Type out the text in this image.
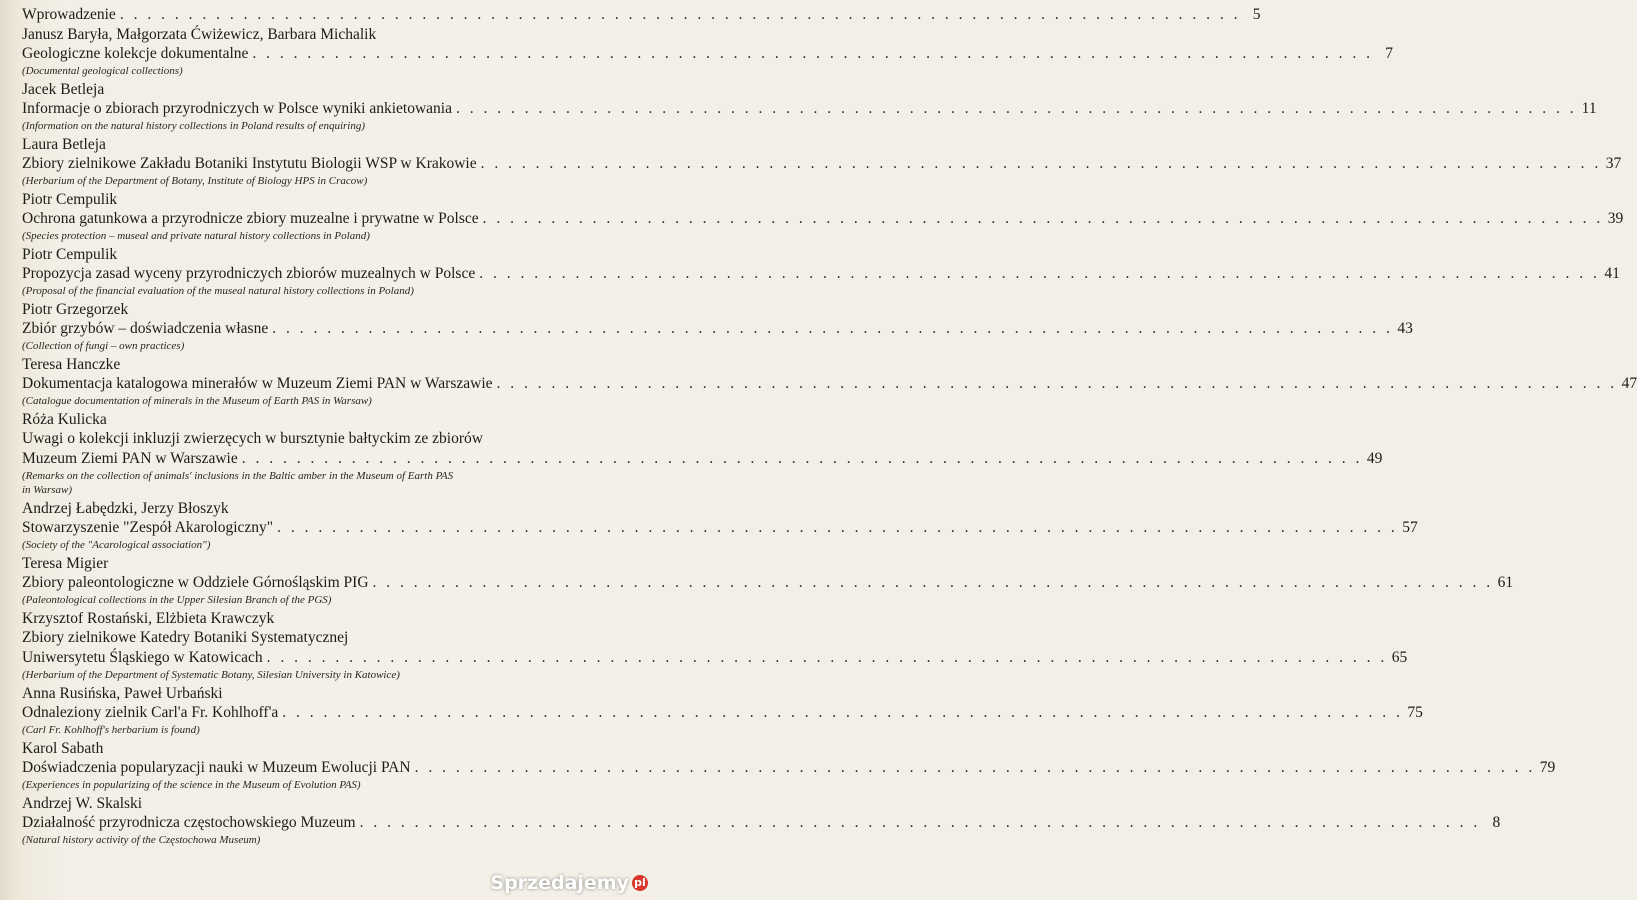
Wprowadzenie . . .	5
Janusz Baryła, Małgorzata Ćwiżewicz, Barbara Michalik
Geologiczne kolekcje dokumentalne . . .	7
(Documental geological collections)
Jacek Betleja
Informacje o zbiorach przyrodniczych w Polsce wyniki ankietowania . . .	11
(Information on the natural history collections in Poland results of enquiring)
Laura Betleja
Zbiory zielnikowe Zakładu Botaniki Instytutu Biologii WSP w Krakowie . . .	37
(Herbarium of the Department of Botany, Institute of Biology HPS in Cracow)
Piotr Cempulik
Ochrona gatunkowa a przyrodnicze zbiory muzealne i prywatne w Polsce . . .	39
(Species protection – museal and private natural history collections in Poland)
Piotr Cempulik
Propozycja zasad wyceny przyrodniczych zbiorów muzealnych w Polsce . . .	41
(Proposal of the financial evaluation of the museal natural history collections in Poland)
Piotr Grzegorzek
Zbiór grzybów – doświadczenia własne . . .	43
(Collection of fungi – own practices)
Teresa Hanczke
Dokumentacja katalogowa minerałów w Muzeum Ziemi PAN w Warszawie . . .	47
(Catalogue documentation of minerals in the Museum of Earth PAS in Warsaw)
Róża Kulicka
Uwagi o kolekcji inkluzji zwierzęcych w bursztynie bałtyckim ze zbiorów
Muzeum Ziemi PAN w Warszawie . . .	49
(Remarks on the collection of animals' inclusions in the Baltic amber in the Museum of Earth PAS in Warsaw)
Andrzej Łabędzki, Jerzy Błoszyk
Stowarzyszenie "Zespół Akarologiczny" . . .	57
(Society of the "Acarological association")
Teresa Migier
Zbiory paleontologiczne w Oddziele Górnośląskim PIG . . .	61
(Paleontological collections in the Upper Silesian Branch of the PGS)
Krzysztof Rostański, Elżbieta Krawczyk
Zbiory zielnikowe Katedry Botaniki Systematycznej
Uniwersytetu Śląskiego w Katowicach . . .	65
(Herbarium of the Department of Systematic Botany, Silesian University in Katowice)
Anna Rusińska, Paweł Urbański
Odnaleziony zielnik Carl'a Fr. Kohlhoff'a . . .	75
(Carl Fr. Kohlhoff's herbarium is found)
Karol Sabath
Doświadczenia popularyzacji nauki w Muzeum Ewolucji PAN . . .	79
(Experiences in popularizing of the science in the Museum of Evolution PAS)
Andrzej W. Skalski
Działalność przyrodnicza częstochowskiego Muzeum . . .	8
(Natural history activity of the Częstochowa Museum)
Sprzedajemy pl
